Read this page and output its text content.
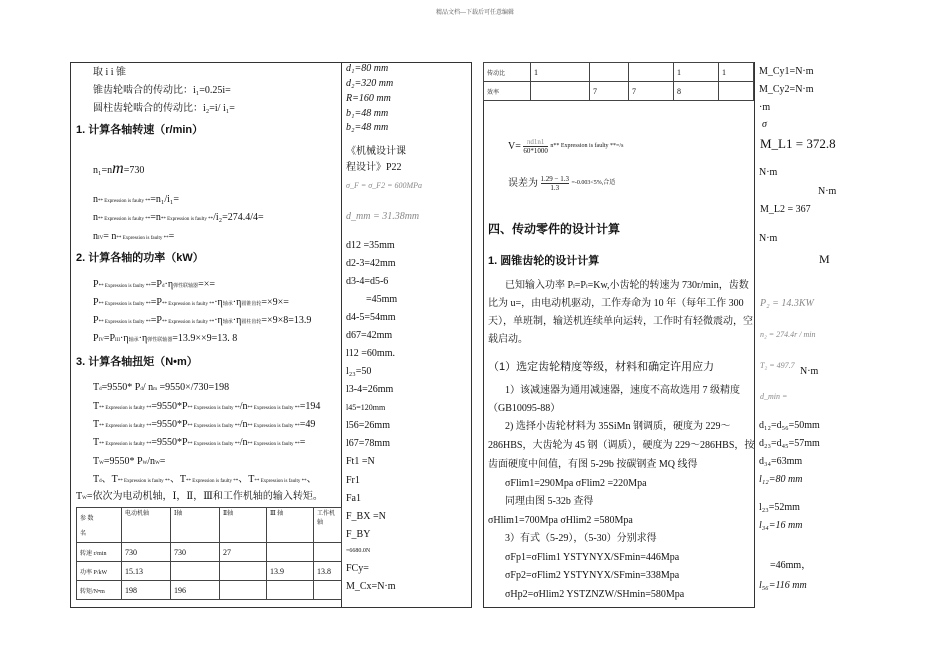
精品文档---下载后可任意编辑
取 i i 锥
锥齿轮啮合的传动比：i₁=0.25i=
圆柱齿轮啮合的传动比：i₂=i/ i₁=
1. 计算各轴转速（r/min）
n₁=nm=730
n** Expression is faulty **=n₁/i₁=
n** Expression is faulty **=n** Expression is faulty **/i₂=274.4/4=
nIV= n** Expression is faulty **=
2. 计算各轴的功率（kW）
P** Expression is faulty **=Pd·η弹性联轴器=×=
P** Expression is faulty **=P** Expression is faulty **·η轴承·η圆锥齿轮=×9×=
P** Expression is faulty **=P** Expression is faulty **·η轴承·η圆柱齿轮=×9×8=13.9
PIV=PIII·η轴承·η弹性联轴器=13.9××9=13. 8
3. 计算各轴扭矩（N•m）
Td=9550* Pd/ nm =9550×/730=198
T** Expression is faulty **=9550*P** Expression is faulty **/n** Expression is faulty **=194
T** Expression is faulty **=9550*P** Expression is faulty **/n** Expression is faulty **=49
T** Expression is faulty **=9550*P** Expression is faulty **/n** Expression is faulty **=
TW=9550* PW/nW=
Td、T** Expression is faulty **、T** Expression is faulty **、T** Expression is faulty **、
TW=依次为电动机轴，Ⅰ，Ⅱ，Ⅲ和工作机轴的输入转矩。
参 数

名	电动机轴	Ⅰ轴	Ⅱ轴	Ⅲ 轴	工作机轴
转速 r/min	730	730	27		
功率 P/kW	15.13			13.9	13.8
转矩/N•m	198	196			
d₁=80 mm
d₂=320 mm
R=160 mm
b₁=48 mm
b₂=48 mm
《机械设计课
程设计》P22
σ_F = σ_F2 = 600MPa
d_mm = 31.38mm
d12 =35mm
d2-3=42mm
d3-4=d5-6
=45mm
d4-5=54mm
d67=42mm
l12 =60mm.
l₂₃=50
l3-4=26mm
l45=120mm
l56=26mm
l67=78mm
Ft1 =N
Fr1
Fa1
F_BX =N
F_BY
=6680.0N
FCy=
M_Cx=N·m
传动比	1			1	1
效率		7	7	8	
$V= \frac{\pi d1n1}{60*1000} n**$ Expression is faulty **=/s
误差为 $\frac{1.29 - 1.3}{1.3} =-0.003<5\%$,合适
四、传动零件的设计计算
1. 圆锥齿轮的设计计算
已知输入功率 PI=PI=Kw,小齿轮的转速为 730r/min，齿数
比为 u=，由电动机驱动，工作寿命为 10 年（每年工作 300
天），单班制，输送机连续单向运转，工作时有轻微震动，空
载启动。
（1）选定齿轮精度等级，材料和确定许用应力
1）该减速器为通用减速器，速度不高故选用 7 级精度
（GB10095-88）
2) 选择小齿轮材料为 35SiMn 钢调质，硬度为 229～
286HBS，大齿轮为 45 钢（调质），硬度为 229～286HBS，按
齿面硬度中间值，有图 5-29b 按碳钢查 MQ 线得
σFlim1=290Mpa σFlim2 =220Mpa
同理由图 5-32b 查得
σHlim1=700Mpa σHlim2 =580Mpa
3）有式（5-29），（5-30）分别求得
σFp1=σFlim1 YSTYNYX/SFmin=446Mpa
σFp2=σFlim2 YSTYNYX/SFmin=338Mpa
σHp2=σHlim2 YSTZNZW/SHmin=580Mpa
M_Cy1=N·m
M_Cy2=N·m
·m
σ
M_L1 = 372.8
N·m
N·m
M_L2 = 367
N·m
M
P₂ = 14.3KW
n₂ = 274.4r / min
T₂ = 497.7
N·m
d_min =
d₁₂=d₅₆=50mm
d₂₃=d₄₅=57mm
d₃₄=63mm
l₁₂=80 mm
l₂₃=52mm
l₃₄=16 mm
=46mm，
l₅₆=116 mm
